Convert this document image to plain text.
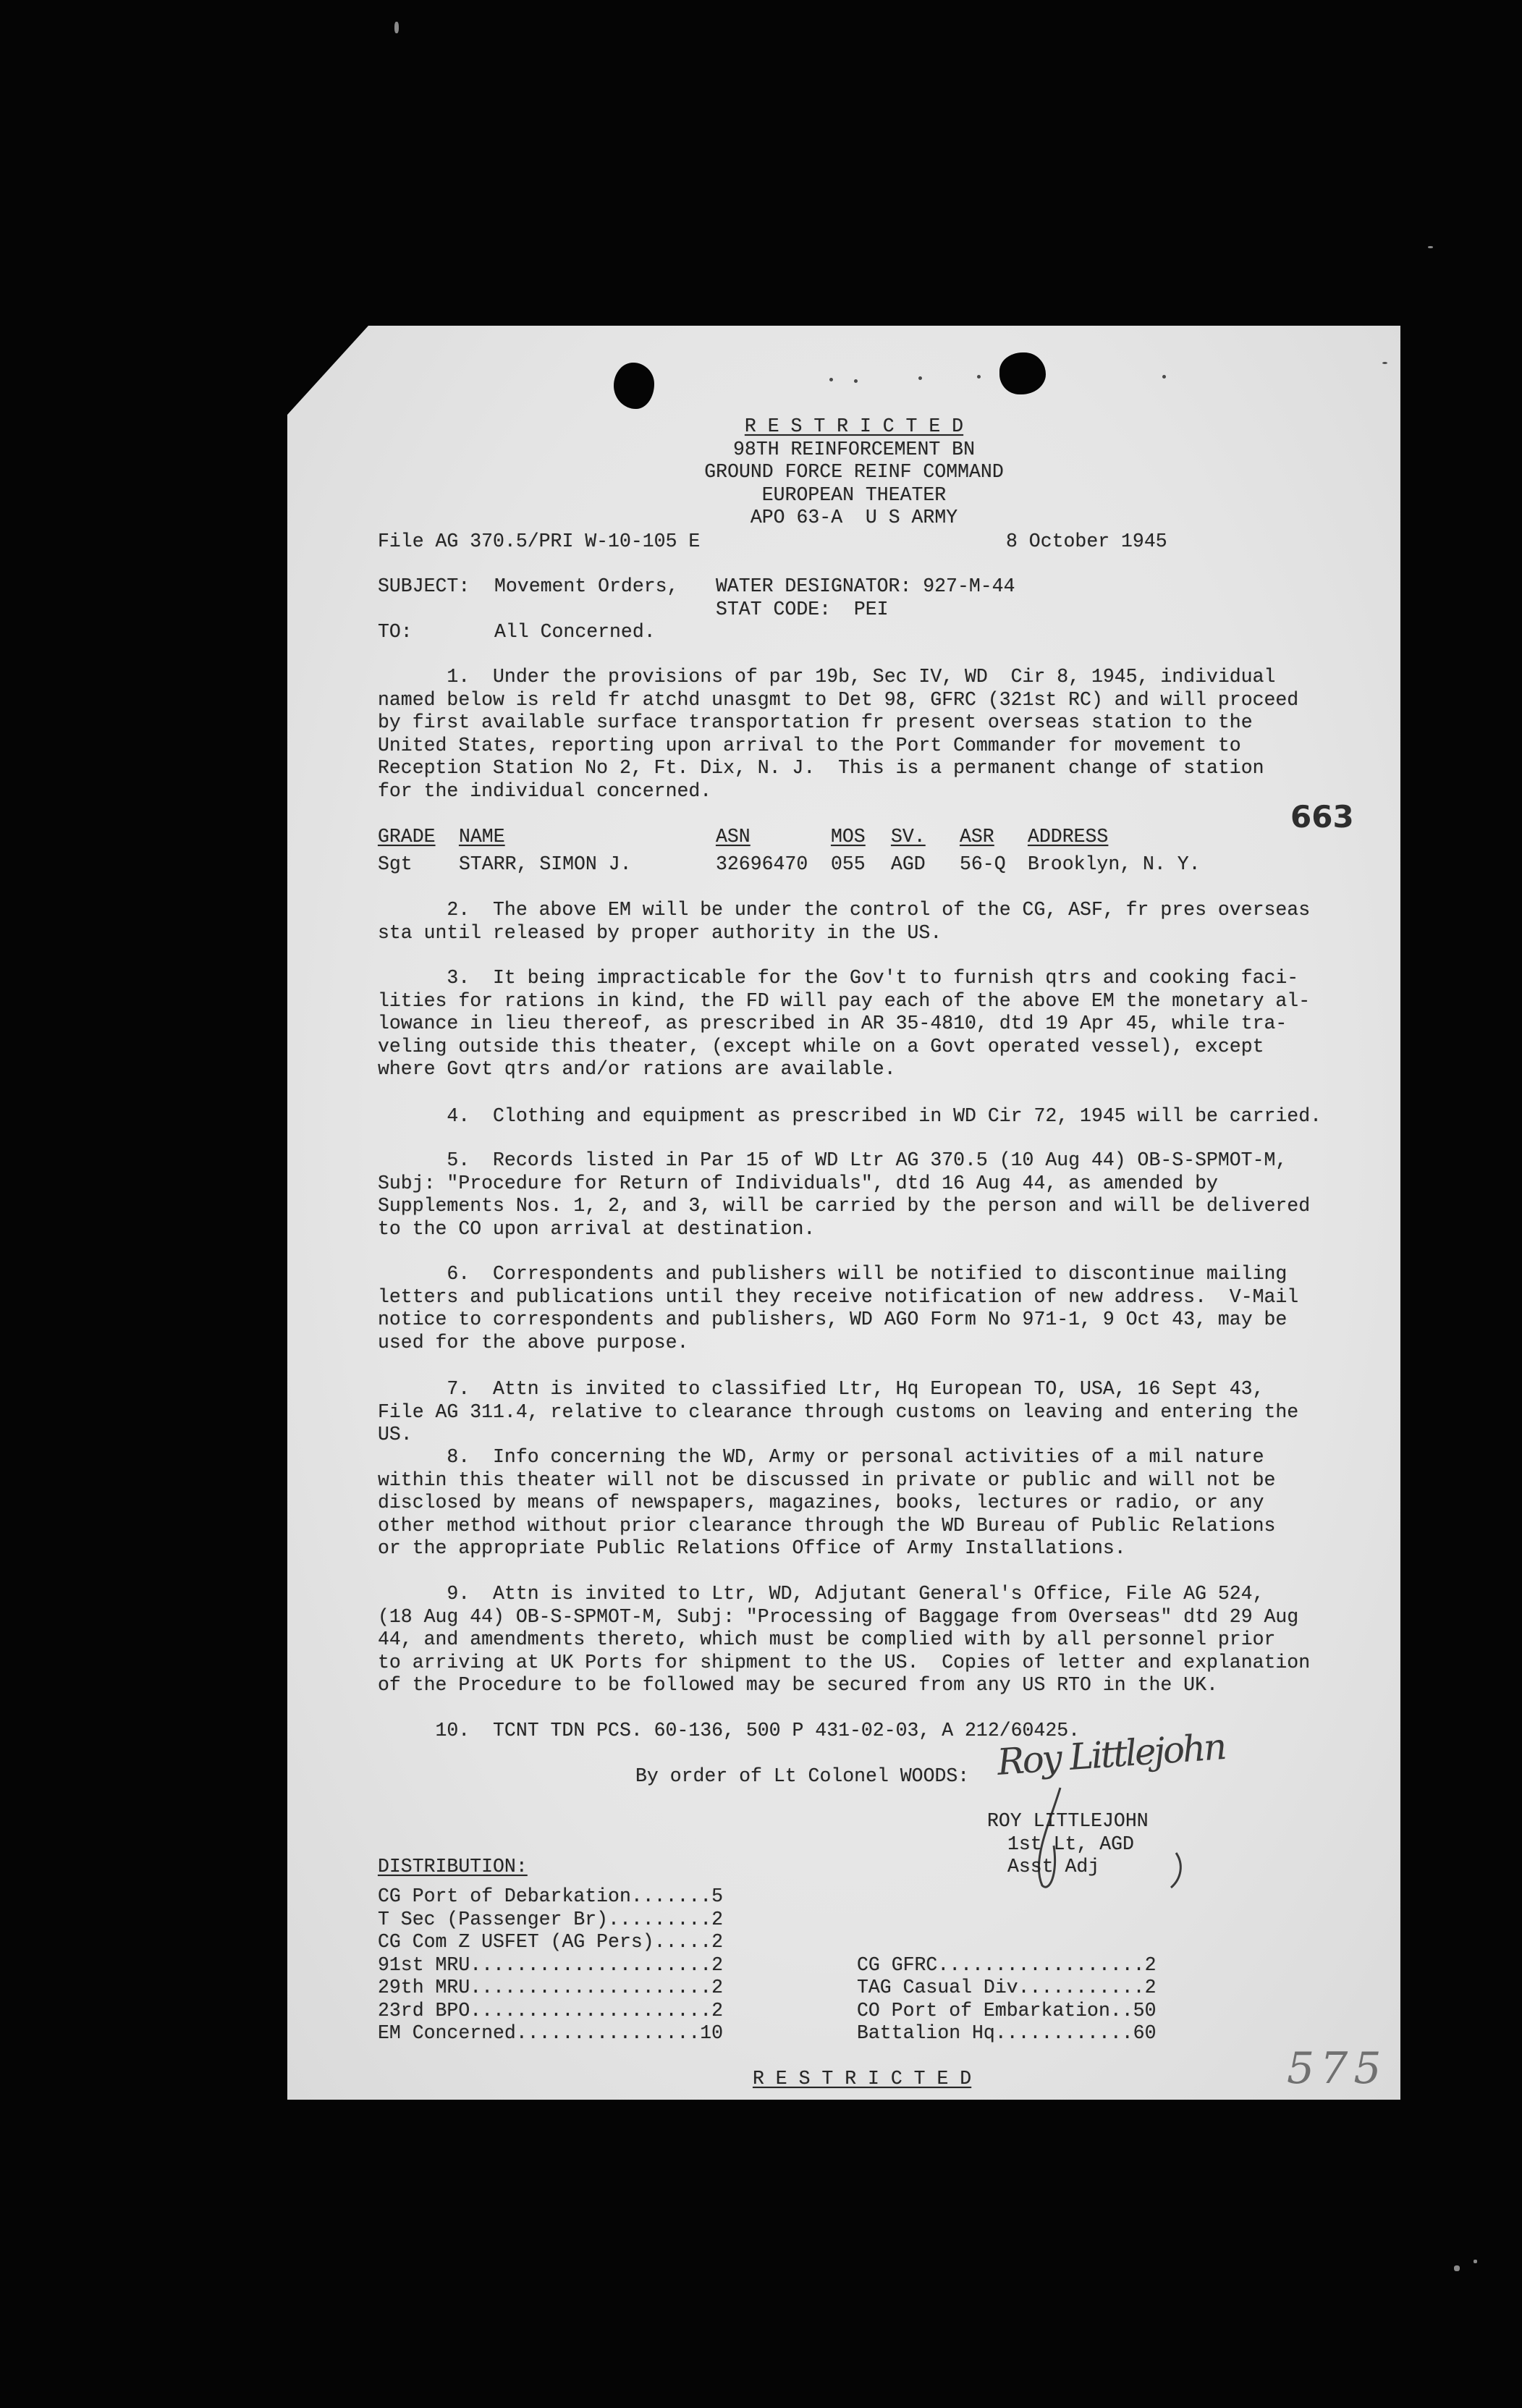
R E S T R I C T E D
98TH REINFORCEMENT BN
GROUND FORCE REINF COMMAND
EUROPEAN THEATER
APO 63-A  U S ARMY
File AG 370.5/PRI W-10-105 E	8 October 1945
SUBJECT: Movement Orders, WATER DESIGNATOR: 927-M-44
STAT CODE:  PEI
TO:	All Concerned.
1.  Under the provisions of par 19b, Sec IV, WD  Cir 8, 1945, individual
named below is reld fr atchd unasgmt to Det 98, GFRC (321st RC) and will proceed
by first available surface transportation fr present overseas station to the
United States, reporting upon arrival to the Port Commander for movement to
Reception Station No 2, Ft. Dix, N. J.  This is a permanent change of station
for the individual concerned.
663
GRADE NAME	ASN	MOS SV. ASR ADDRESS
Sgt STARR, SIMON J.	32696470 055 AGD 56-Q Brooklyn, N. Y.
2.  The above EM will be under the control of the CG, ASF, fr pres overseas
sta until released by proper authority in the US.
3.  It being impracticable for the Gov't to furnish qtrs and cooking faci-
lities for rations in kind, the FD will pay each of the above EM the monetary al-
lowance in lieu thereof, as prescribed in AR 35-4810, dtd 19 Apr 45, while tra-
veling outside this theater, (except while on a Govt operated vessel), except
where Govt qtrs and/or rations are available.
4.  Clothing and equipment as prescribed in WD Cir 72, 1945 will be carried.
5.  Records listed in Par 15 of WD Ltr AG 370.5 (10 Aug 44) OB-S-SPMOT-M,
Subj: "Procedure for Return of Individuals", dtd 16 Aug 44, as amended by
Supplements Nos. 1, 2, and 3, will be carried by the person and will be delivered
to the CO upon arrival at destination.
6.  Correspondents and publishers will be notified to discontinue mailing
letters and publications until they receive notification of new address.  V-Mail
notice to correspondents and publishers, WD AGO Form No 971-1, 9 Oct 43, may be
used for the above purpose.
7.  Attn is invited to classified Ltr, Hq European TO, USA, 16 Sept 43,
File AG 311.4, relative to clearance through customs on leaving and entering the
US.
8.  Info concerning the WD, Army or personal activities of a mil nature
within this theater will not be discussed in private or public and will not be
disclosed by means of newspapers, magazines, books, lectures or radio, or any
other method without prior clearance through the WD Bureau of Public Relations
or the appropriate Public Relations Office of Army Installations.
9.  Attn is invited to Ltr, WD, Adjutant General's Office, File AG 524,
(18 Aug 44) OB-S-SPMOT-M, Subj: "Processing of Baggage from Overseas" dtd 29 Aug
44, and amendments thereto, which must be complied with by all personnel prior
to arriving at UK Ports for shipment to the US.  Copies of letter and explanation
of the Procedure to be followed may be secured from any US RTO in the UK.
10.  TCNT TDN PCS. 60-136, 500 P 431-02-03, A 212/60425.
By order of Lt Colonel WOODS: Roy Littlejohn
ROY LITTLEJOHN
1st Lt, AGD
Asst Adj
DISTRIBUTION:
CG Port of Debarkation.......5
T Sec (Passenger Br).........2
CG Com Z USFET (AG Pers).....2
91st MRU.....................2
29th MRU.....................2
23rd BPO.....................2
EM Concerned................10
CG GFRC..................2
TAG Casual Div...........2
CO Port of Embarkation..50
Battalion Hq............60
R E S T R I C T E D	575
